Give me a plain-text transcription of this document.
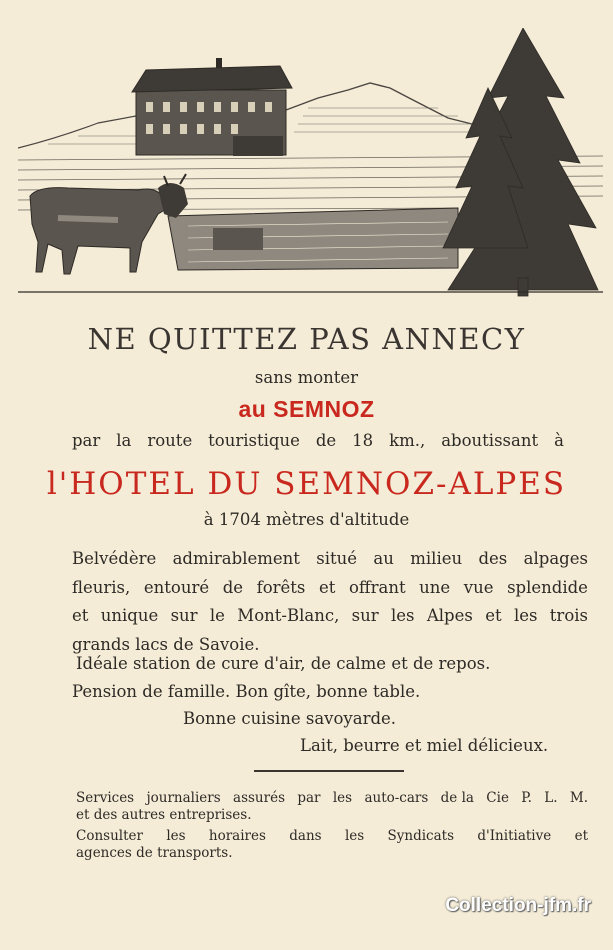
NE QUITTEZ PAS ANNECY
sans monter
au SEMNOZ
par la route touristique de 18 km., aboutissant à
l'HOTEL DU SEMNOZ-ALPES
à 1704 mètres d'altitude
Belvédère admirablement situé au milieu des alpages
fleuris, entouré de forêts et offrant une vue splendide
et unique sur le Mont-Blanc, sur les Alpes et les trois
grands lacs de Savoie.
Idéale station de cure d'air, de calme et de repos.
Pension de famille. Bon gîte, bonne table.
Bonne cuisine savoyarde.
Lait, beurre et miel délicieux.
Services journaliers assurés par les auto-cars de la Cie P. L. M.
et des autres entreprises.
Consulter les horaires dans les Syndicats d'Initiative et
agences de transports.
Collection-jfm.fr
